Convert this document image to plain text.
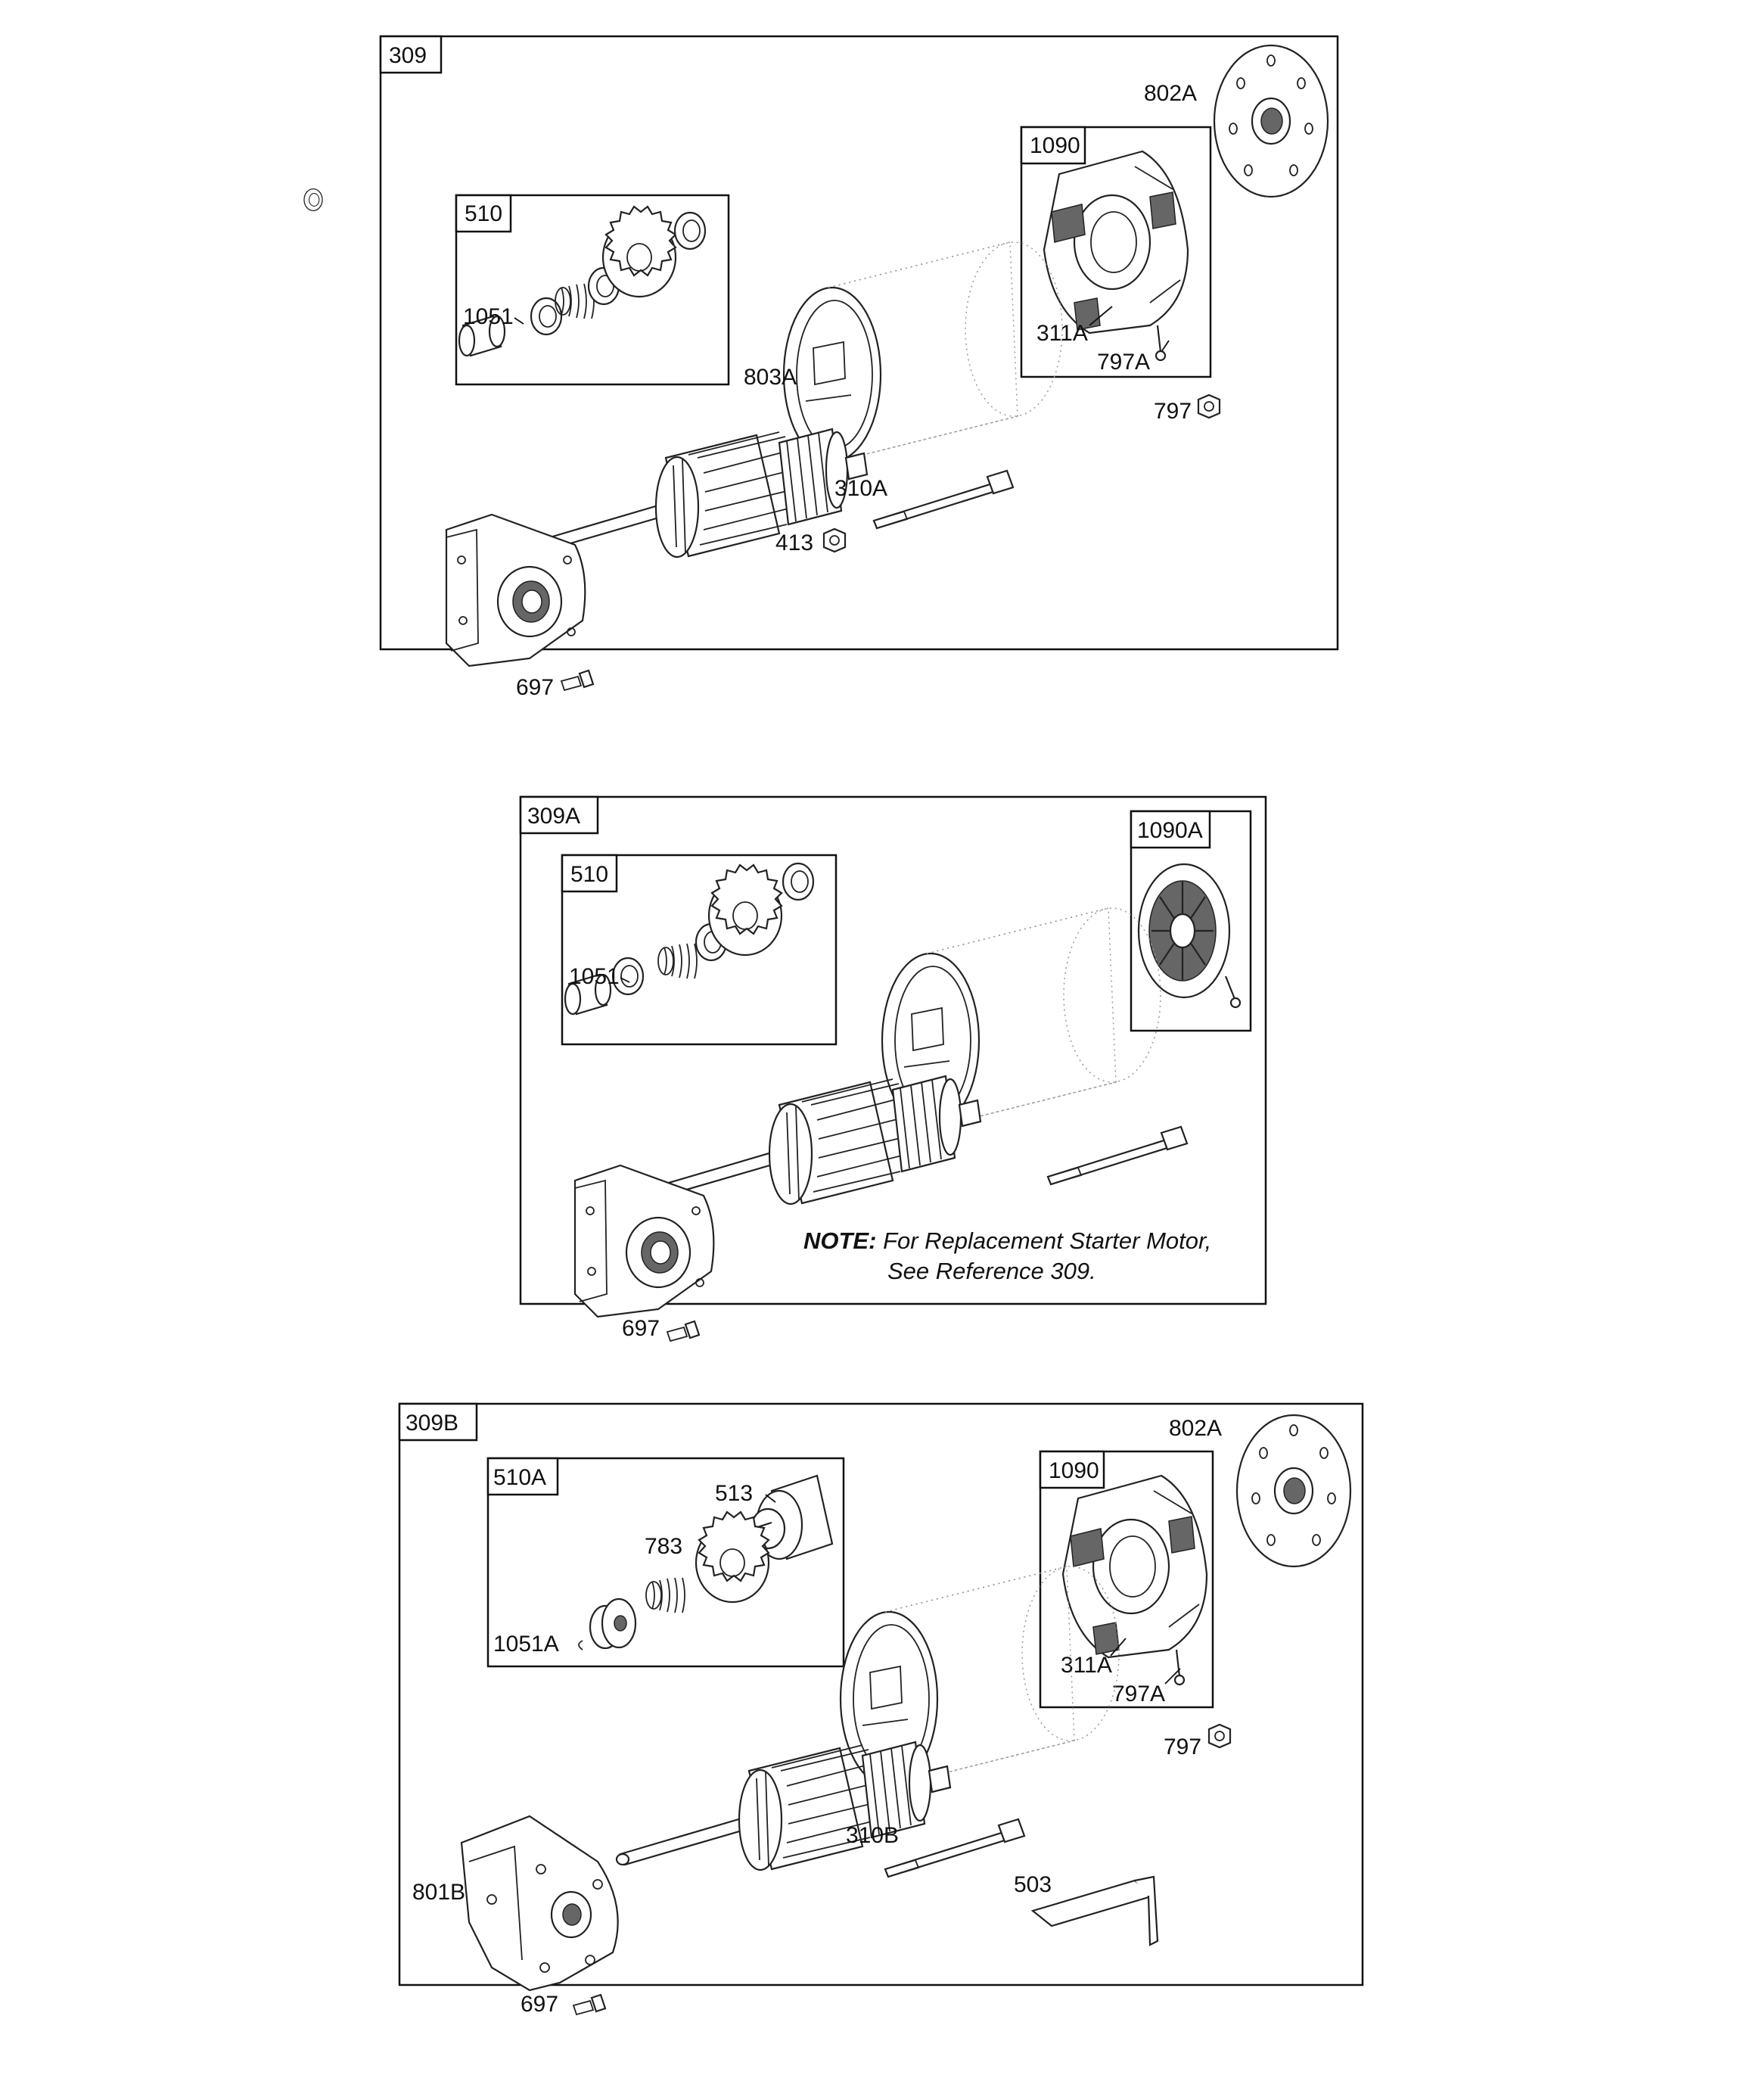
309
510
1051
1090
311A
797A
802A
803A
310A
413
797
697
309A
510
1051
1090A
NOTE: For Replacement Starter Motor,
See Reference 309.
697
309B
510A
513
783
1051A
1090
311A
797A
802A
797
801B
310B
503
697
